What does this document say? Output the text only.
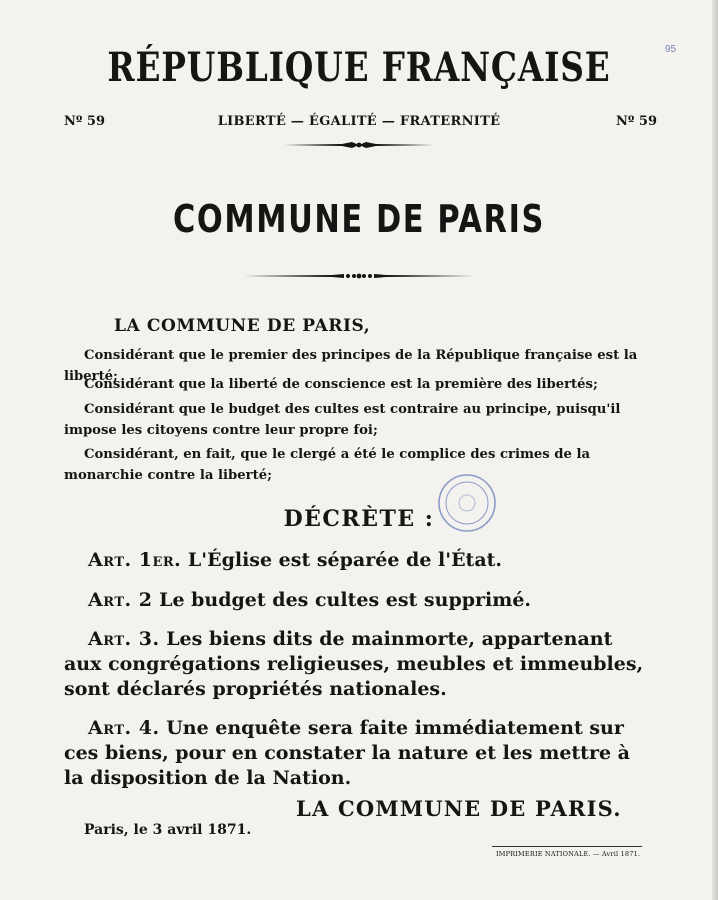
95
RÉPUBLIQUE FRANÇAISE
Nº 59	LIBERTÉ — ÉGALITÉ — FRATERNITÉ	Nº 59
COMMUNE DE PARIS
LA COMMUNE DE PARIS,
Considérant que le premier des principes de la République française est la liberté;
Considérant que la liberté de conscience est la première des libertés;
Considérant que le budget des cultes est contraire au principe, puisqu'il impose les citoyens contre leur propre foi;
Considérant, en fait, que le clergé a été le complice des crimes de la monarchie contre la liberté;
DÉCRÈTE :
Art. 1er. L'Église est séparée de l'État.
Art. 2 Le budget des cultes est supprimé.
Art. 3. Les biens dits de mainmorte, appartenant aux congrégations religieuses, meubles et immeubles, sont déclarés propriétés nationales.
Art. 4. Une enquête sera faite immédiatement sur ces biens, pour en constater la nature et les mettre à la disposition de la Nation.
LA COMMUNE DE PARIS.
Paris, le 3 avril 1871.
IMPRIMERIE NATIONALE. — Avril 1871.
